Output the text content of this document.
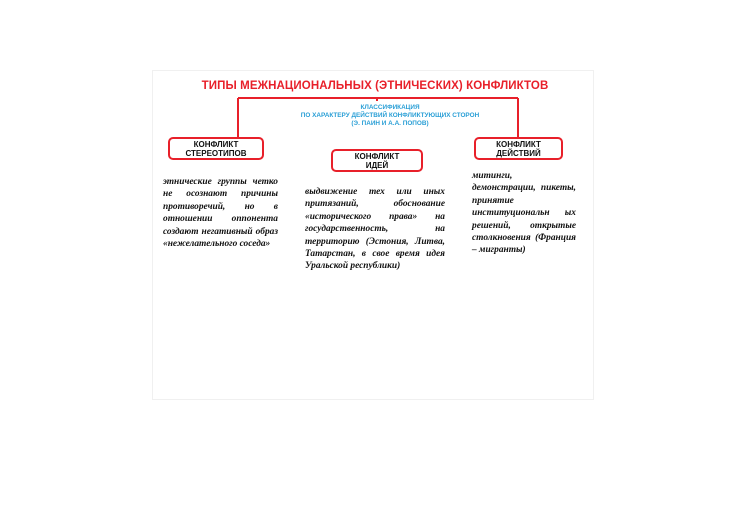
ТИПЫ МЕЖНАЦИОНАЛЬНЫХ (ЭТНИЧЕСКИХ) КОНФЛИКТОВ
КЛАССИФИКАЦИЯ
ПО ХАРАКТЕРУ ДЕЙСТВИЙ КОНФЛИКТУЮЩИХ СТОРОН
(Э. ПАИН И А.А. ПОПОВ)
КОНФЛИКТ
СТЕРЕОТИПОВ	КОНФЛИКТ
ИДЕЙ
КОНФЛИКТ
ДЕЙСТВИЙ
этнические группы четко не осознают причины противоречий, но в отношении оппонента создают негативный образ «нежелательного соседа»
выдвижение тех или иных притязаний, обоснование «исторического права» на государственность, на территорию (Эстония, Литва, Татарстан, в свое время идея Уральской республики)
митинги, демонстрации, пикеты, принятие институциональн ых решений, открытые столкновения (Франция – мигранты)
